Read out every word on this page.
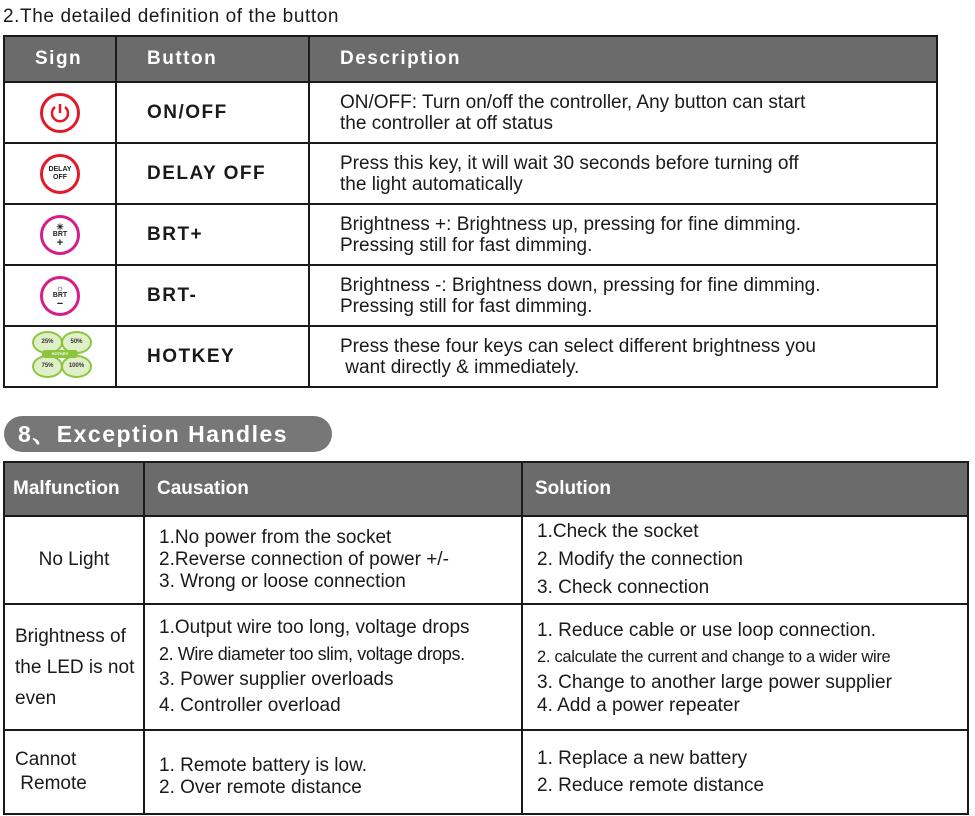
2.The detailed definition of the button
Sign	Button	Description

	ON/OFF	ON/OFF: Turn on/off the controller, Any button can start
the controller at off status

DELAY
OFF	DELAY OFF	Press this key, it will wait 30 seconds before turning off
the light automatically

☀
BRT
+	BRT+	Brightness +: Brightness up, pressing for fine dimming.
Pressing still for fast dimming.

☼
BRT
−	BRT-	Brightness -: Brightness down, pressing for fine dimming.
Pressing still for fast dimming.

25% 50%
75% 100%
HOTKEY	HOTKEY	Press these four keys can select different brightness you
want directly & immediately.
8、Exception Handles
Malfunction	Causation	Solution

No Light	1.No power from the socket
2.Reverse connection of power +/-
3. Wrong or loose connection	1.Check the socket
2. Modify the connection
3. Check connection

Brightness of
the LED is not
even	1.Output wire too long, voltage drops
2. Wire diameter too slim, voltage drops.
3. Power supplier overloads
4. Controller overload	1. Reduce cable or use loop connection.
2. calculate the current and change to a wider wire
3. Change to another large power supplier
4. Add a power repeater

Cannot
Remote	1. Remote battery is low.
2. Over remote distance	1. Replace a new battery
2. Reduce remote distance
